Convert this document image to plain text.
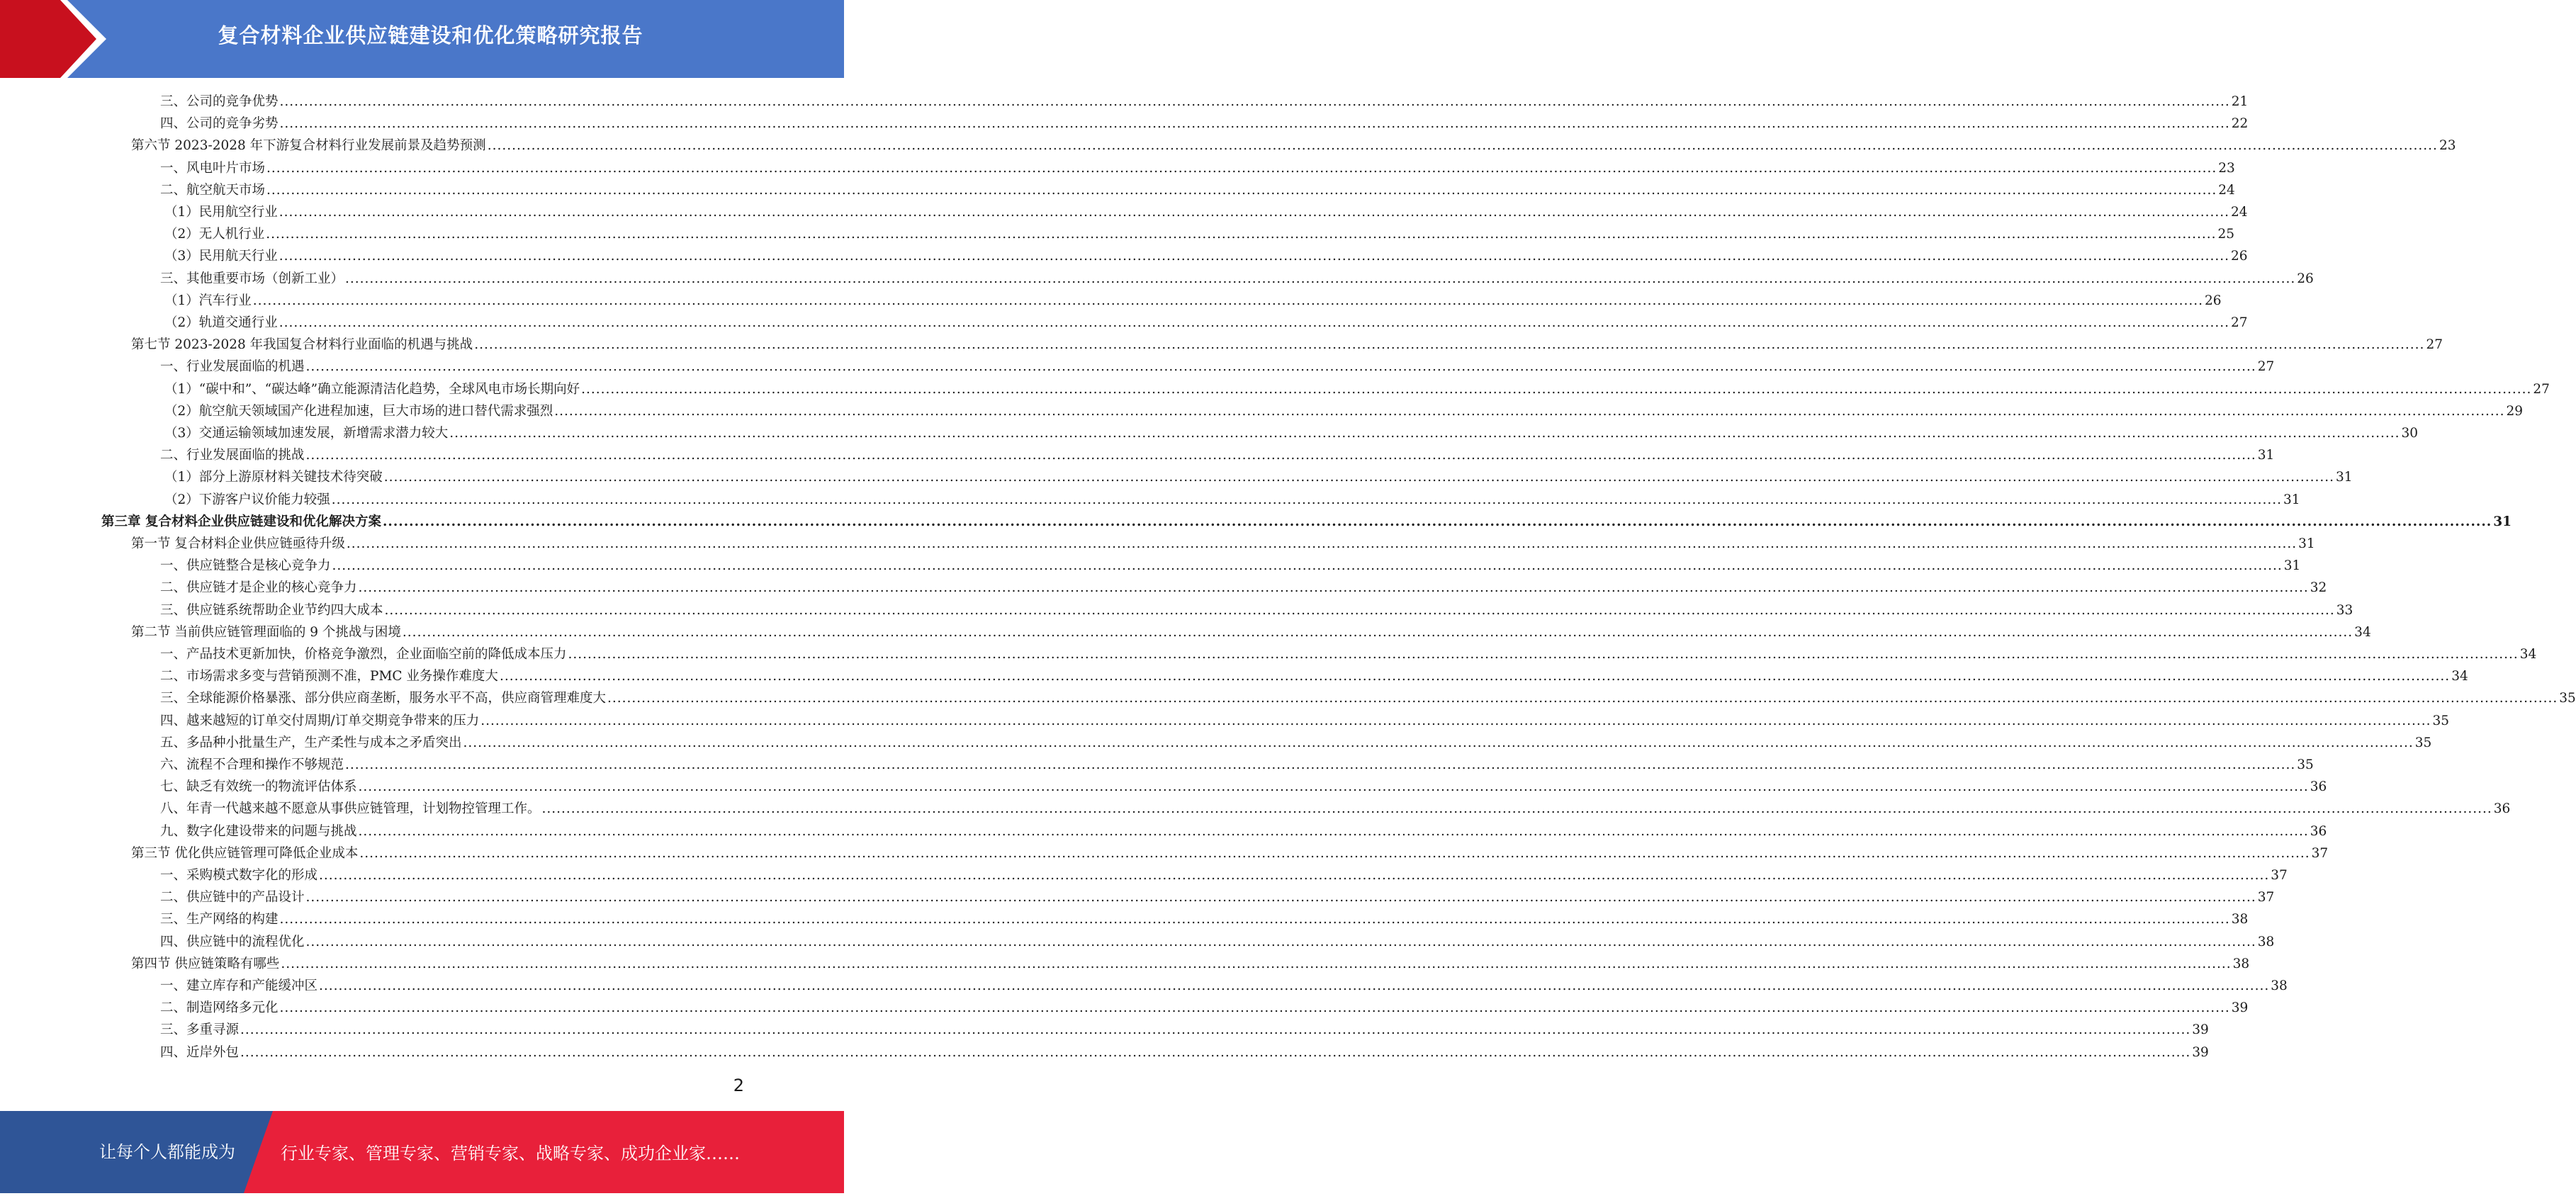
复合材料企业供应链建设和优化策略研究报告
三、公司的竞争优势 ................................................................................................................................................................................................................................................................................................................................................................................................................ 21
四、公司的竞争劣势 ................................................................................................................................................................................................................................................................................................................................................................................................................ 22
第六节 2023-2028 年下游复合材料行业发展前景及趋势预测 ................................................................................................................................................................................................................................................................................................................................................................................................................ 23
一、风电叶片市场 ................................................................................................................................................................................................................................................................................................................................................................................................................ 23
二、航空航天市场 ................................................................................................................................................................................................................................................................................................................................................................................................................ 24
（1）民用航空行业 ................................................................................................................................................................................................................................................................................................................................................................................................................ 24
（2）无人机行业 ................................................................................................................................................................................................................................................................................................................................................................................................................ 25
（3）民用航天行业 ................................................................................................................................................................................................................................................................................................................................................................................................................ 26
三、其他重要市场（创新工业） ................................................................................................................................................................................................................................................................................................................................................................................................................ 26
（1）汽车行业 ................................................................................................................................................................................................................................................................................................................................................................................................................ 26
（2）轨道交通行业 ................................................................................................................................................................................................................................................................................................................................................................................................................ 27
第七节 2023-2028 年我国复合材料行业面临的机遇与挑战 ................................................................................................................................................................................................................................................................................................................................................................................................................ 27
一、行业发展面临的机遇 ................................................................................................................................................................................................................................................................................................................................................................................................................ 27
（1）“碳中和”、“碳达峰”确立能源清洁化趋势，全球风电市场长期向好 ................................................................................................................................................................................................................................................................................................................................................................................................................ 27
（2）航空航天领域国产化进程加速，巨大市场的进口替代需求强烈 ................................................................................................................................................................................................................................................................................................................................................................................................................ 29
（3）交通运输领域加速发展，新增需求潜力较大 ................................................................................................................................................................................................................................................................................................................................................................................................................ 30
二、行业发展面临的挑战 ................................................................................................................................................................................................................................................................................................................................................................................................................ 31
（1）部分上游原材料关键技术待突破 ................................................................................................................................................................................................................................................................................................................................................................................................................ 31
（2）下游客户议价能力较强 ................................................................................................................................................................................................................................................................................................................................................................................................................ 31
第三章 复合材料企业供应链建设和优化解决方案 ................................................................................................................................................................................................................................................................................................................................................................................................................ 31
第一节 复合材料企业供应链亟待升级 ................................................................................................................................................................................................................................................................................................................................................................................................................ 31
一、供应链整合是核心竞争力 ................................................................................................................................................................................................................................................................................................................................................................................................................ 31
二、供应链才是企业的核心竞争力 ................................................................................................................................................................................................................................................................................................................................................................................................................ 32
三、供应链系统帮助企业节约四大成本 ................................................................................................................................................................................................................................................................................................................................................................................................................ 33
第二节 当前供应链管理面临的 9 个挑战与困境 ................................................................................................................................................................................................................................................................................................................................................................................................................ 34
一、产品技术更新加快，价格竞争激烈，企业面临空前的降低成本压力 ................................................................................................................................................................................................................................................................................................................................................................................................................ 34
二、市场需求多变与营销预测不准，PMC 业务操作难度大 ................................................................................................................................................................................................................................................................................................................................................................................................................ 34
三、全球能源价格暴涨、部分供应商垄断，服务水平不高，供应商管理难度大 ................................................................................................................................................................................................................................................................................................................................................................................................................ 35
四、越来越短的订单交付周期/订单交期竞争带来的压力 ................................................................................................................................................................................................................................................................................................................................................................................................................ 35
五、多品种小批量生产，生产柔性与成本之矛盾突出 ................................................................................................................................................................................................................................................................................................................................................................................................................ 35
六、流程不合理和操作不够规范 ................................................................................................................................................................................................................................................................................................................................................................................................................ 35
七、缺乏有效统一的物流评估体系 ................................................................................................................................................................................................................................................................................................................................................................................................................ 36
八、年青一代越来越不愿意从事供应链管理，计划物控管理工作。 ................................................................................................................................................................................................................................................................................................................................................................................................................ 36
九、数字化建设带来的问题与挑战 ................................................................................................................................................................................................................................................................................................................................................................................................................ 36
第三节 优化供应链管理可降低企业成本 ................................................................................................................................................................................................................................................................................................................................................................................................................ 37
一、采购模式数字化的形成 ................................................................................................................................................................................................................................................................................................................................................................................................................ 37
二、供应链中的产品设计 ................................................................................................................................................................................................................................................................................................................................................................................................................ 37
三、生产网络的构建 ................................................................................................................................................................................................................................................................................................................................................................................................................ 38
四、供应链中的流程优化 ................................................................................................................................................................................................................................................................................................................................................................................................................ 38
第四节 供应链策略有哪些 ................................................................................................................................................................................................................................................................................................................................................................................................................ 38
一、建立库存和产能缓冲区 ................................................................................................................................................................................................................................................................................................................................................................................................................ 38
二、制造网络多元化 ................................................................................................................................................................................................................................................................................................................................................................................................................ 39
三、多重寻源 ................................................................................................................................................................................................................................................................................................................................................................................................................ 39
四、近岸外包 ................................................................................................................................................................................................................................................................................................................................................................................................................ 39
2
让每个人都能成为	行业专家、管理专家、营销专家、战略专家、成功企业家……
